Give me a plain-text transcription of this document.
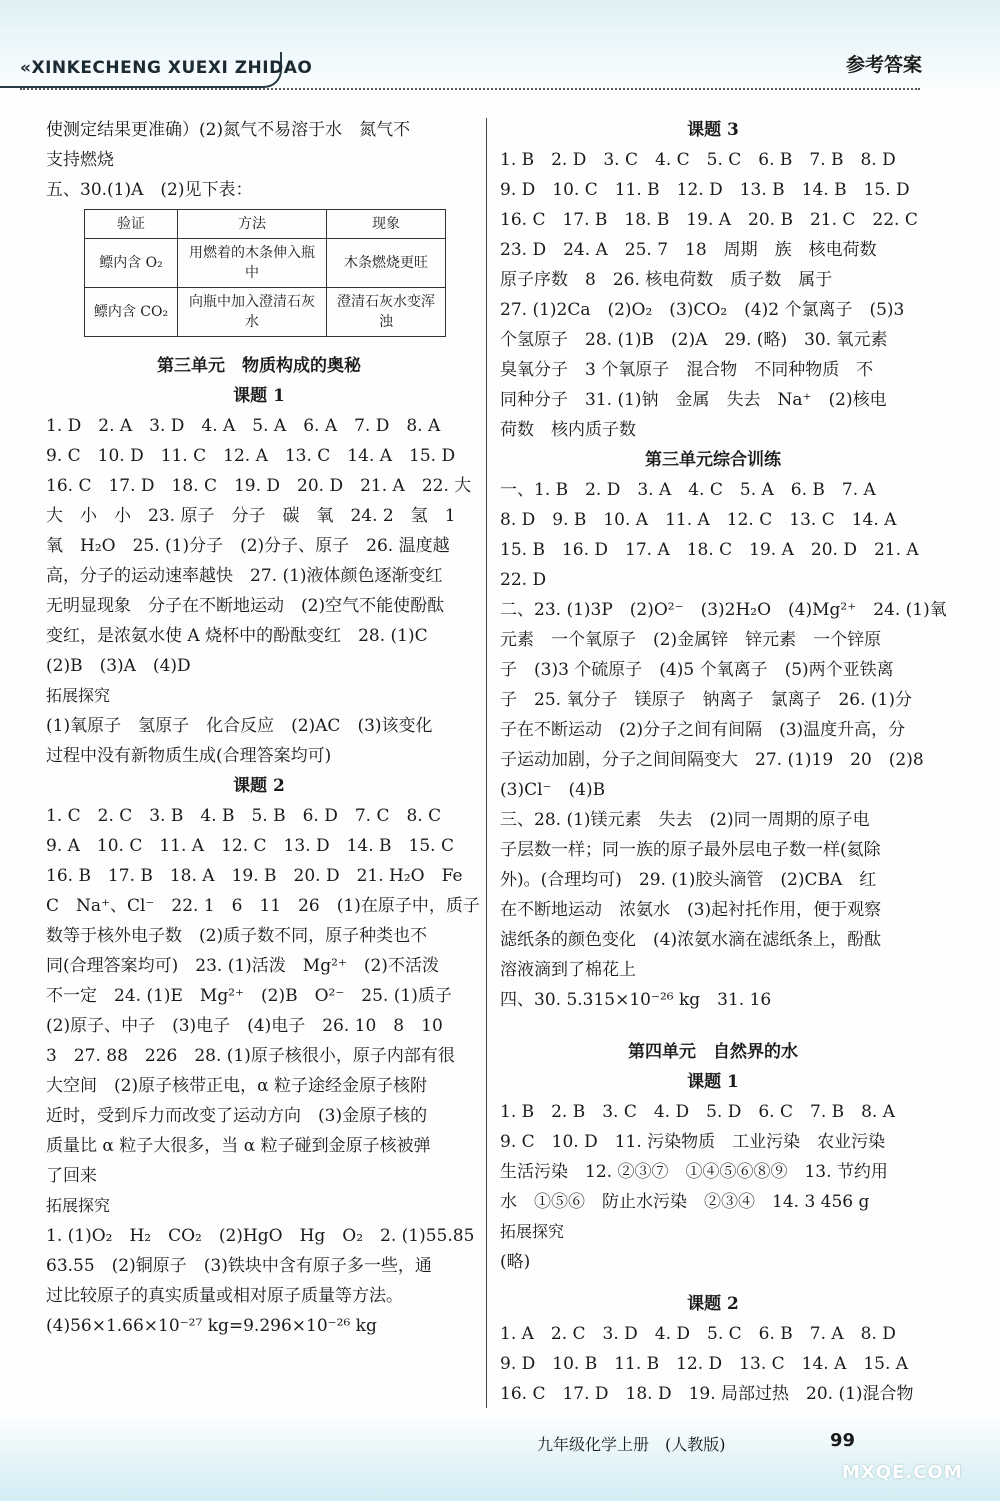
«XINKECHENG XUEXI ZHIDAO	参考答案
使测定结果更准确）(2)氮气不易溶于水　氮气不
支持燃烧
五、30.(1)A　(2)见下表：
验证	方法	现象
鳔内含 O₂	用燃着的木条伸入瓶中	木条燃烧更旺
鳔内含 CO₂	向瓶中加入澄清石灰水	澄清石灰水变浑浊
第三单元　物质构成的奥秘
课题 1
1. D　2. A　3. D　4. A　5. A　6. A　7. D　8. A
9. C　10. D　11. C　12. A　13. C　14. A　15. D
16. C　17. D　18. C　19. D　20. D　21. A　22. 大
大　小　小　23. 原子　分子　碳　氧　24. 2　氢　1
氧　H₂O　25. (1)分子　(2)分子、原子　26. 温度越
高，分子的运动速率越快　27. (1)液体颜色逐渐变红
无明显现象　分子在不断地运动　(2)空气不能使酚酞
变红，是浓氨水使 A 烧杯中的酚酞变红　28. (1)C
(2)B　(3)A　(4)D
拓展探究
(1)氧原子　氢原子　化合反应　(2)AC　(3)该变化
过程中没有新物质生成(合理答案均可)
课题 2
1. C　2. C　3. B　4. B　5. B　6. D　7. C　8. C
9. A　10. C　11. A　12. C　13. D　14. B　15. C
16. B　17. B　18. A　19. B　20. D　21. H₂O　Fe
C　Na⁺、Cl⁻　22. 1　6　11　26　(1)在原子中，质子
数等于核外电子数　(2)质子数不同，原子种类也不
同(合理答案均可)　23. (1)活泼　Mg²⁺　(2)不活泼
不一定　24. (1)E　Mg²⁺　(2)B　O²⁻　25. (1)质子
(2)原子、中子　(3)电子　(4)电子　26. 10　8　10
3　27. 88　226　28. (1)原子核很小，原子内部有很
大空间　(2)原子核带正电，α 粒子途经金原子核附
近时，受到斥力而改变了运动方向　(3)金原子核的
质量比 α 粒子大很多，当 α 粒子碰到金原子核被弹
了回来
拓展探究
1. (1)O₂　H₂　CO₂　(2)HgO　Hg　O₂　2. (1)55.85
63.55　(2)铜原子　(3)铁块中含有原子多一些，通
过比较原子的真实质量或相对原子质量等方法。
(4)56×1.66×10⁻²⁷ kg=9.296×10⁻²⁶ kg
课题 3
1. B　2. D　3. C　4. C　5. C　6. B　7. B　8. D
9. D　10. C　11. B　12. D　13. B　14. B　15. D
16. C　17. B　18. B　19. A　20. B　21. C　22. C
23. D　24. A　25. 7　18　周期　族　核电荷数
原子序数　8　26. 核电荷数　质子数　属于
27. (1)2Ca　(2)O₂　(3)CO₂　(4)2 个氯离子　(5)3
个氢原子　28. (1)B　(2)A　29. (略)　30. 氧元素
臭氧分子　3 个氧原子　混合物　不同种物质　不
同种分子　31. (1)钠　金属　失去　Na⁺　(2)核电
荷数　核内质子数
第三单元综合训练
一、1. B　2. D　3. A　4. C　5. A　6. B　7. A
8. D　9. B　10. A　11. A　12. C　13. C　14. A
15. B　16. D　17. A　18. C　19. A　20. D　21. A
22. D
二、23. (1)3P　(2)O²⁻　(3)2H₂O　(4)Mg²⁺　24. (1)氧
元素　一个氧原子　(2)金属锌　锌元素　一个锌原
子　(3)3 个硫原子　(4)5 个氧离子　(5)两个亚铁离
子　25. 氧分子　镁原子　钠离子　氯离子　26. (1)分
子在不断运动　(2)分子之间有间隔　(3)温度升高，分
子运动加剧，分子之间间隔变大　27. (1)19　20　(2)8
(3)Cl⁻　(4)B
三、28. (1)镁元素　失去　(2)同一周期的原子电
子层数一样；同一族的原子最外层电子数一样(氦除
外)。(合理均可)　29. (1)胶头滴管　(2)CBA　红
在不断地运动　浓氨水　(3)起衬托作用，便于观察
滤纸条的颜色变化　(4)浓氨水滴在滤纸条上，酚酞
溶液滴到了棉花上
四、30. 5.315×10⁻²⁶ kg　31. 16
第四单元　自然界的水
课题 1
1. B　2. B　3. C　4. D　5. D　6. C　7. B　8. A
9. C　10. D　11. 污染物质　工业污染　农业污染
生活污染　12. ②③⑦　①④⑤⑥⑧⑨　13. 节约用
水　①⑤⑥　防止水污染　②③④　14. 3 456 g
拓展探究
(略)
课题 2
1. A　2. C　3. D　4. D　5. C　6. B　7. A　8. D
9. D　10. B　11. B　12. D　13. C　14. A　15. A
16. C　17. D　18. D　19. 局部过热　20. (1)混合物
九年级化学上册　(人教版)	99
MXQE.COM
